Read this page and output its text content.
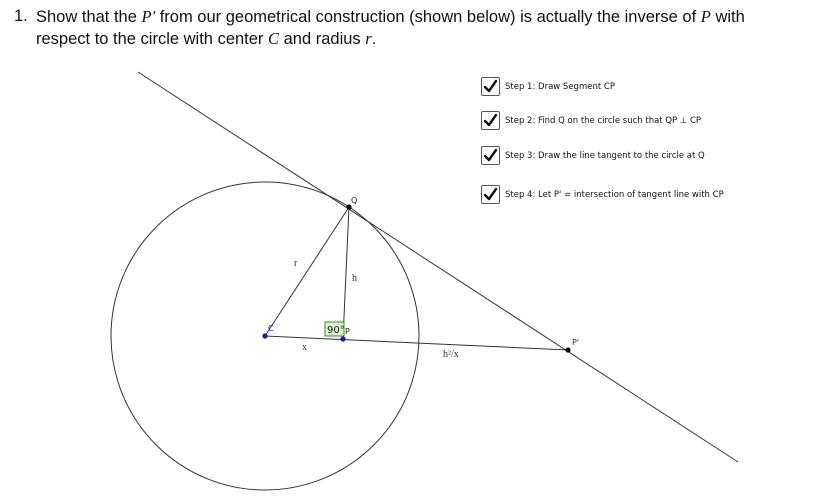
1. Show that the P' from our geometrical construction (shown below) is actually the inverse of P with
respect to the circle with center C and radius r.
90°
C
Q
P
P'
r
h
x
h²/x
Step 1: Draw Segment CP
Step 2: Find Q on the circle such that QP ⊥ CP
Step 3: Draw the line tangent to the circle at Q
Step 4: Let P' = intersection of tangent line with CP
